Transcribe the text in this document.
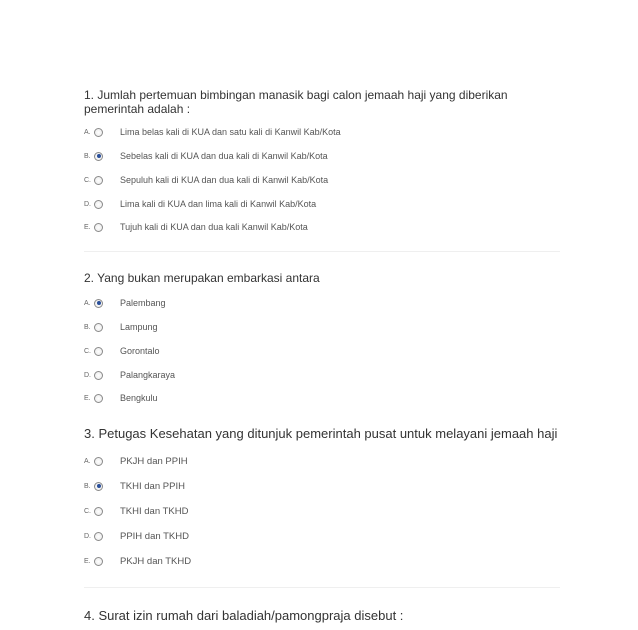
1. Jumlah pertemuan bimbingan manasik bagi calon jemaah haji yang diberikan pemerintah adalah :
A.	Lima belas kali di KUA dan satu kali di Kanwil Kab/Kota
B.	Sebelas kali di KUA dan dua kali di Kanwil Kab/Kota
C.	Sepuluh kali di KUA dan dua kali di Kanwil Kab/Kota
D.	Lima kali di KUA dan lima kali di Kanwil Kab/Kota
E.	Tujuh kali di KUA dan dua kali Kanwil Kab/Kota
2. Yang bukan merupakan embarkasi antara
A.	Palembang
B.	Lampung
C.	Gorontalo
D.	Palangkaraya
E.	Bengkulu
3. Petugas Kesehatan yang ditunjuk pemerintah pusat untuk melayani jemaah haji
A.	PKJH dan PPIH
B.	TKHI dan PPIH
C.	TKHI dan TKHD
D.	PPIH dan TKHD
E.	PKJH dan TKHD
4. Surat izin rumah dari baladiah/pamongpraja disebut :
